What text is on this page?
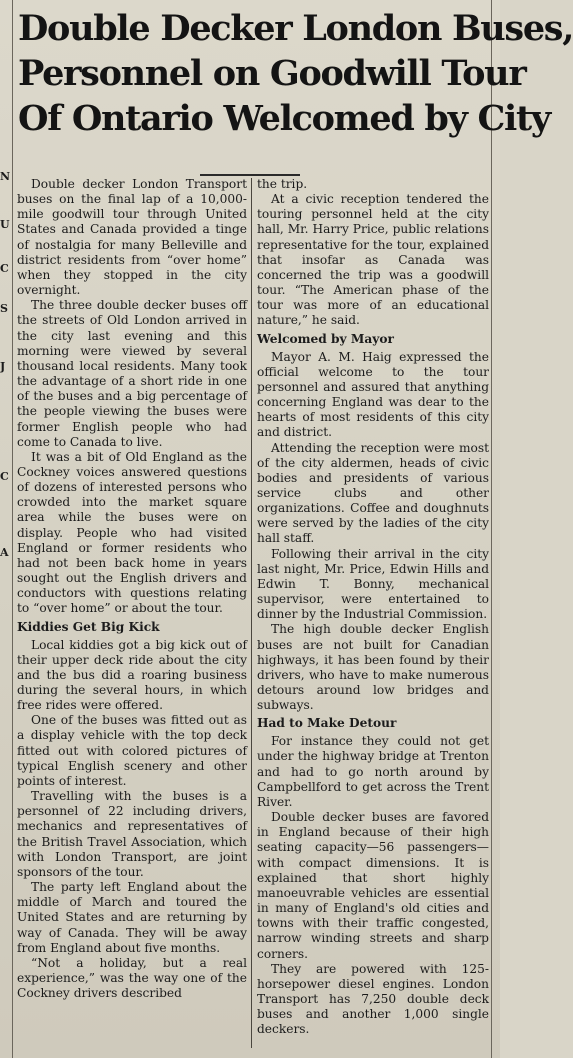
N
U
C
S
J
C
A
Double Decker London Buses,
Personnel on Goodwill Tour
Of Ontario Welcomed by City

Double decker London Transport buses on the final lap of a 10,000-mile goodwill tour through United States and Canada provided a tinge of nostalgia for many Belleville and district residents from “over home” when they stopped in the city overnight.

The three double decker buses off the streets of Old London arrived in the city last evening and this morning were viewed by several thousand local residents. Many took the advantage of a short ride in one of the buses and a big percentage of the people viewing the buses were former English people who had come to Canada to live.

It was a bit of Old England as the Cockney voices answered questions of dozens of interested persons who crowded into the market square area while the buses were on display. People who had visited England or former residents who had not been back home in years sought out the English drivers and conductors with questions relating to “over home” or about the tour.

Kiddies Get Big Kick

Local kiddies got a big kick out of their upper deck ride about the city and the bus did a roaring business during the several hours, in which free rides were offered.

One of the buses was fitted out as a display vehicle with the top deck fitted out with colored pictures of typical English scenery and other points of interest.

Travelling with the buses is a personnel of 22 including drivers, mechanics and representatives of the British Travel Association, which with London Transport, are joint sponsors of the tour.

The party left England about the middle of March and toured the United States and are returning by way of Canada. They will be away from England about five months.

“Not a holiday, but a real experience,” was the way one of the Cockney drivers described

the trip.

At a civic reception tendered the touring personnel held at the city hall, Mr. Harry Price, public relations representative for the tour, explained that insofar as Canada was concerned the trip was a goodwill tour. “The American phase of the tour was more of an educational nature,” he said.

Welcomed by Mayor

Mayor A. M. Haig expressed the official welcome to the tour personnel and assured that anything concerning England was dear to the hearts of most residents of this city and district.

Attending the reception were most of the city aldermen, heads of civic bodies and presidents of various service clubs and other organizations. Coffee and doughnuts were served by the ladies of the city hall staff.

Following their arrival in the city last night, Mr. Price, Edwin Hills and Edwin T. Bonny, mechanical supervisor, were entertained to dinner by the Industrial Commission.

The high double decker English buses are not built for Canadian highways, it has been found by their drivers, who have to make numerous detours around low bridges and subways.

Had to Make Detour

For instance they could not get under the highway bridge at Trenton and had to go north around by Campbellford to get across the Trent River.

Double decker buses are favored in England because of their high seating capacity—56 passengers—with compact dimensions. It is explained that short highly manoeuvrable vehicles are essential in many of England's old cities and towns with their traffic congested, narrow winding streets and sharp corners.

They are powered with 125-horsepower diesel engines. London Transport has 7,250 double deck buses and another 1,000 single deckers.
